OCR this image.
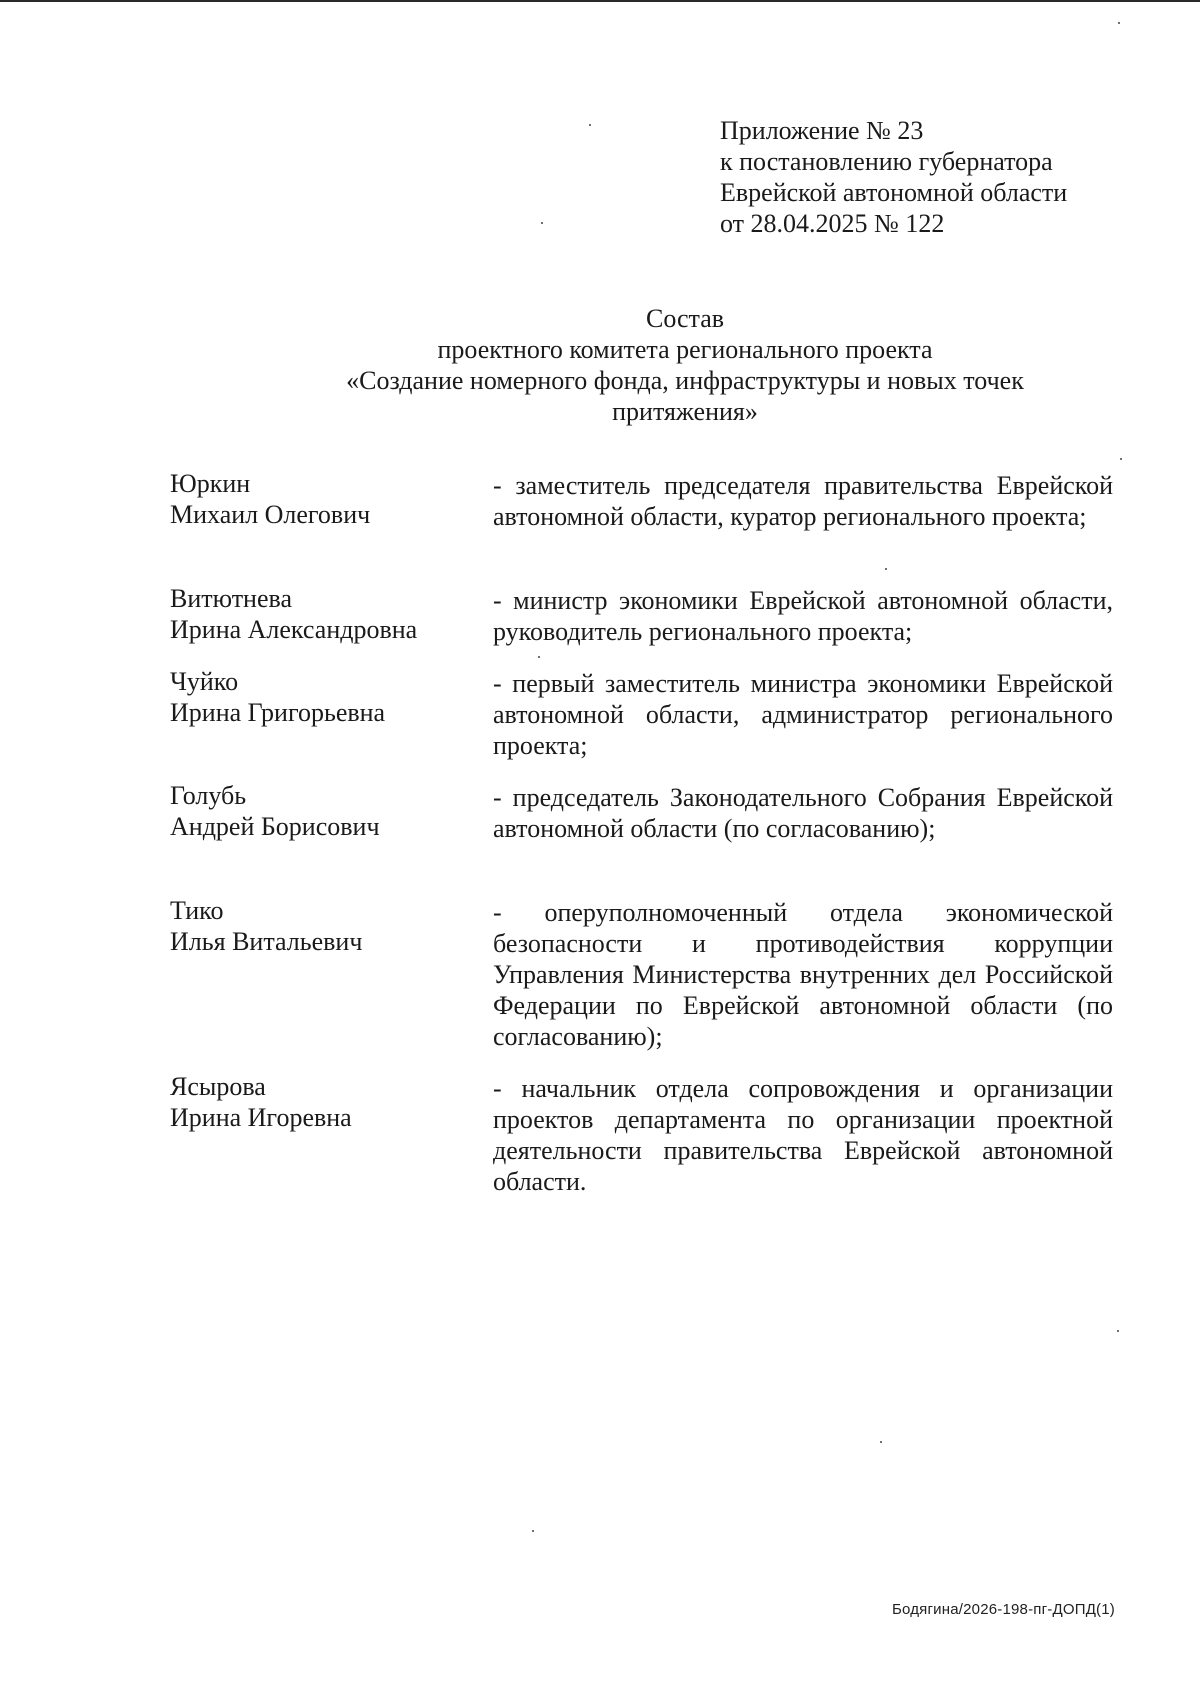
Приложение № 23
к постановлению губернатора
Еврейской автономной области
от 28.04.2025 № 122
Состав
проектного комитета регионального проекта
«Создание номерного фонда, инфраструктуры и новых точек
притяжения»
Юркин
Михаил Олегович

- заместитель председателя правительства Еврейской автономной области, куратор регионального проекта;

Витютнева
Ирина Александровна

- министр экономики Еврейской автономной области, руководитель регионального проекта;

Чуйко
Ирина Григорьевна

- первый заместитель министра экономики Еврейской автономной области, администратор регионального проекта;

Голубь
Андрей Борисович

- председатель Законодательного Собрания Еврейской автономной области (по согласованию);

Тико
Илья Витальевич

- оперуполномоченный отдела экономической безопасности и противодействия коррупции Управления Министерства внутренних дел Российской Федерации по Еврейской автономной области (по согласованию);

Ясырова
Ирина Игоревна

- начальник отдела сопровождения и организации проектов департамента по организации проектной деятельности правительства Еврейской автономной области.

Бодягина/2026-198-пг-ДОПД(1)
